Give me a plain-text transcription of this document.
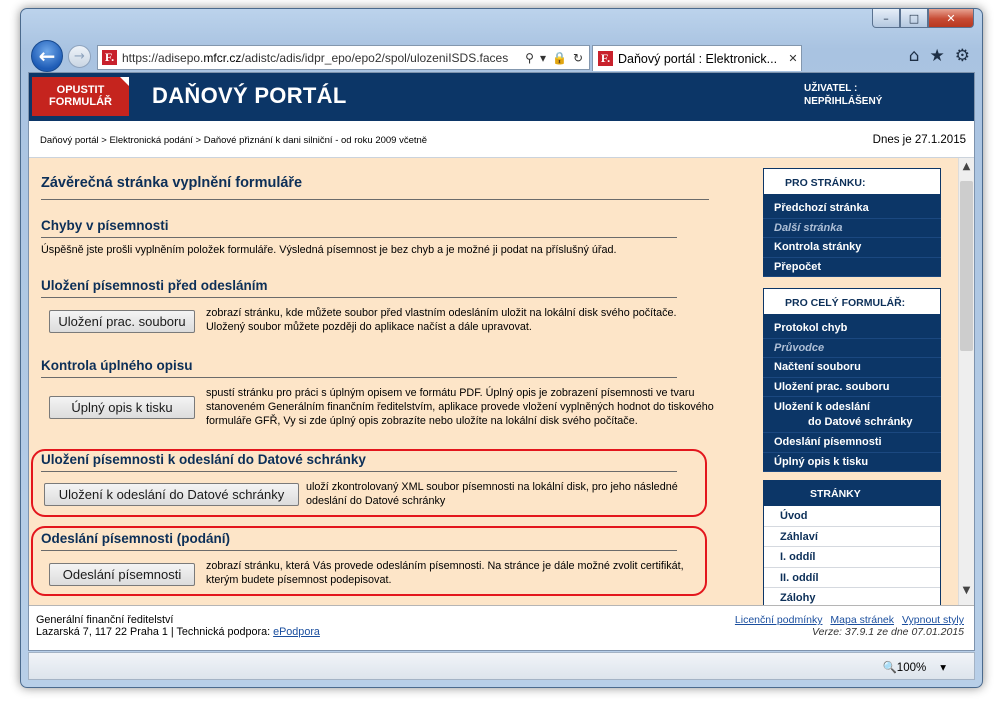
–	□	✕
← → F. https://adisepo.mfcr.cz/adistc/adis/idpr_epo/epo2/spol/ulozeniISDS.faces	⚲ ▾ 🔒 ↻ F. Daňový portál : Elektronick...	✕	⌂ ★ ⚙
OPUSTIT FORMULÁŘ	DAŇOVÝ PORTÁL	UŽIVATEL :
NEPŘIHLÁŠENÝ
Daňový portál > Elektronická podání > Daňové přiznání k dani silniční - od roku 2009 včetně	Dnes je 27.1.2015
Závěrečná stránka vyplnění formuláře
Chyby v písemnosti
Úspěšně jste prošli vyplněním položek formuláře. Výsledná písemnost je bez chyb a je možné ji podat na příslušný úřad.
Uložení písemnosti před odesláním
Uložení prac. souboru
zobrazí stránku, kde můžete soubor před vlastním odesláním uložit na lokální disk svého počítače. Uložený soubor můžete později do aplikace načíst a dále upravovat.
Kontrola úplného opisu
Úplný opis k tisku
spustí stránku pro práci s úplným opisem ve formátu PDF. Úplný opis je zobrazení písemnosti ve tvaru stanoveném Generálním finančním ředitelstvím, aplikace provede vložení vyplněných hodnot do tiskového formuláře GFŘ, Vy si zde úplný opis zobrazíte nebo uložíte na lokální disk svého počítače.
Uložení písemnosti k odeslání do Datové schránky
Uložení k odeslání do Datové schránky	uloží zkontrolovaný XML soubor písemnosti na lokální disk, pro jeho následné odeslání do Datové schránky
Odeslání písemnosti (podání)
Odeslání písemnosti
zobrazí stránku, která Vás provede odesláním písemnosti. Na stránce je dále možné zvolit certifikát, kterým budete písemnost podepisovat.
PRO STRÁNKU:
Předchozí stránka
Další stránka
Kontrola stránky
Přepočet
PRO CELÝ FORMULÁŘ:
Protokol chyb
Průvodce
Načtení souboru
Uložení prac. souboru
Uložení k odeslání
do Datové schránky
Odeslání písemnosti
Úplný opis k tisku
STRÁNKY
Úvod
Záhlaví
I. oddíl
II. oddíl
Zálohy
▲
▼
Generální finanční ředitelství
Lazarská 7, 117 22 Praha 1 | Technická podpora: ePodpora
Licenční podmínky Mapa stránek Vypnout styly
Verze: 37.9.1 ze dne 07.01.2015
🔍100% ▾
